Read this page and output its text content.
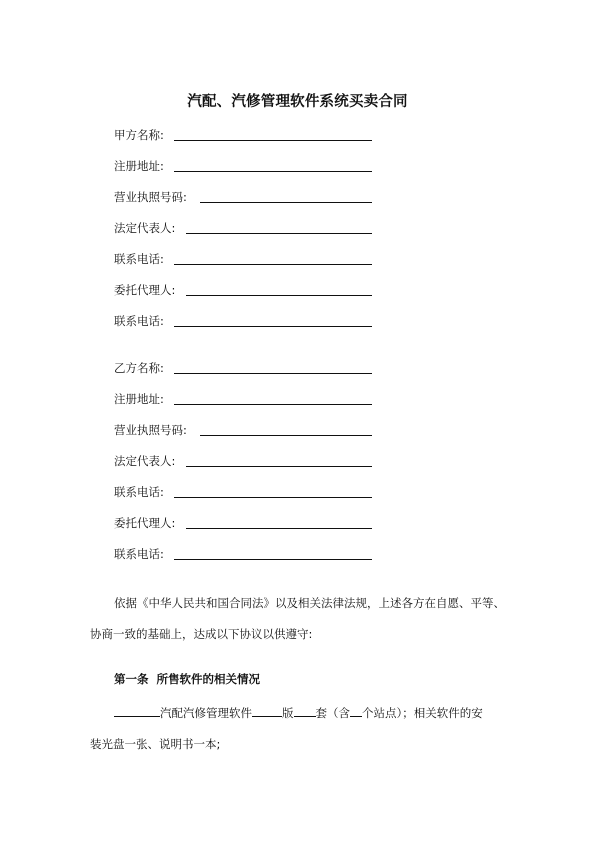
汽配、汽修管理软件系统买卖合同
甲方名称:
注册地址:
营业执照号码:
法定代表人:
联系电话:
委托代理人:
联系电话:
乙方名称:
注册地址:
营业执照号码:
法定代表人:
联系电话:
委托代理人:
联系电话:
依据《中华人民共和国合同法》以及相关法律法规，上述各方在自愿、平等、
协商一致的基础上，达成以下协议以供遵守:
第一条 所售软件的相关情况
汽配汽修管理软件	版 套（含 个站点）；相关软件的安
装光盘一张、说明书一本;
